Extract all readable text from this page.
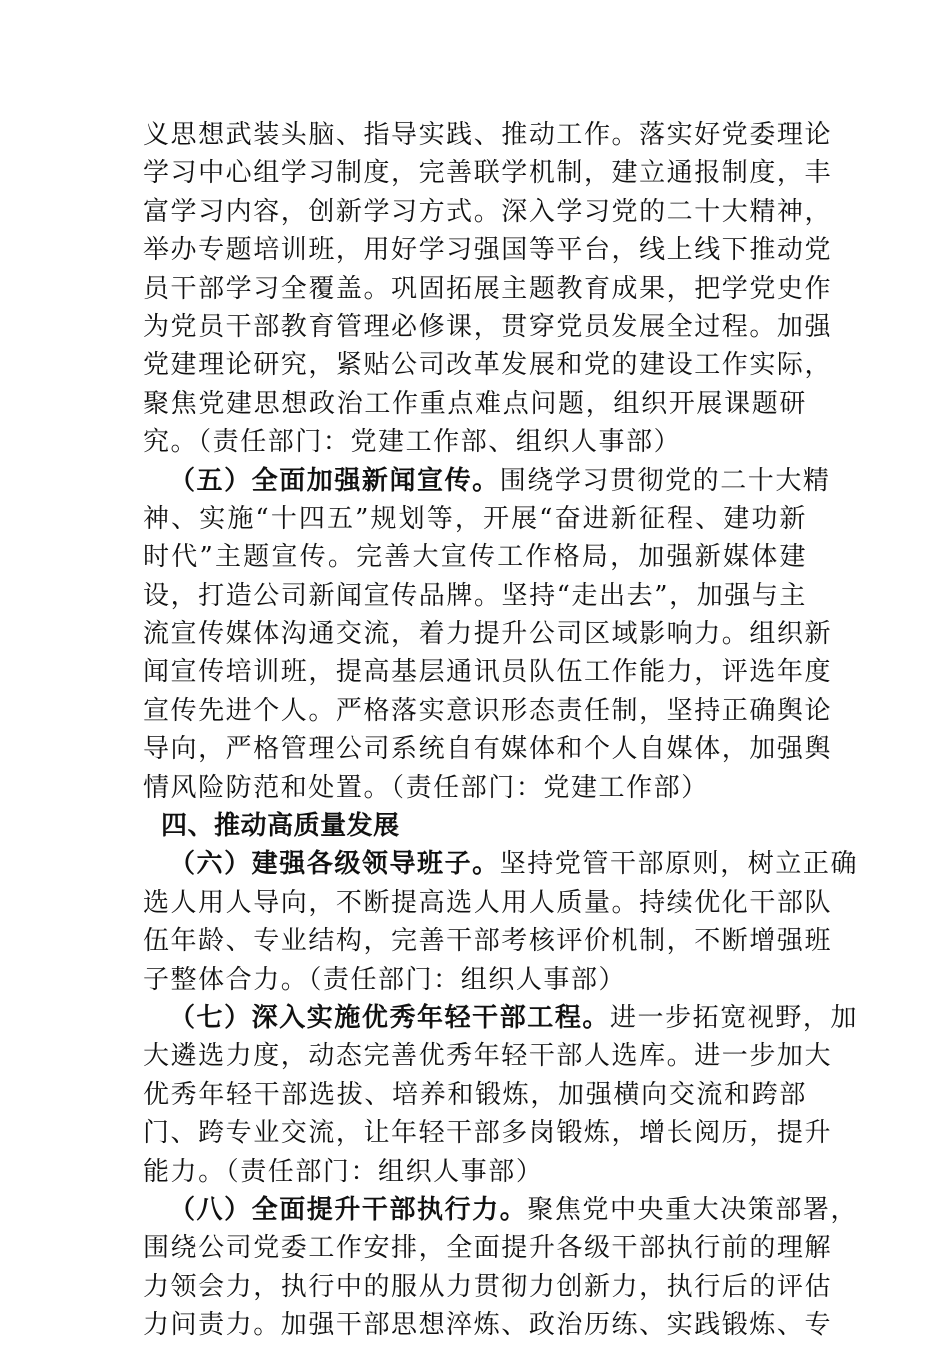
义思想武装头脑、指导实践、推动工作。落实好党委理论
学习中心组学习制度，完善联学机制，建立通报制度，丰
富学习内容，创新学习方式。深入学习党的二十大精神，
举办专题培训班，用好学习强国等平台，线上线下推动党
员干部学习全覆盖。巩固拓展主题教育成果，把学党史作
为党员干部教育管理必修课，贯穿党员发展全过程。加强
党建理论研究，紧贴公司改革发展和党的建设工作实际，
聚焦党建思想政治工作重点难点问题，组织开展课题研
究。（责任部门：党建工作部、组织人事部）
（五）全面加强新闻宣传。围绕学习贯彻党的二十大精
神、实施“十四五”规划等，开展“奋进新征程、建功新
时代”主题宣传。完善大宣传工作格局，加强新媒体建
设，打造公司新闻宣传品牌。坚持“走出去”，加强与主
流宣传媒体沟通交流，着力提升公司区域影响力。组织新
闻宣传培训班，提高基层通讯员队伍工作能力，评选年度
宣传先进个人。严格落实意识形态责任制，坚持正确舆论
导向，严格管理公司系统自有媒体和个人自媒体，加强舆
情风险防范和处置。（责任部门：党建工作部）
四、推动高质量发展
（六）建强各级领导班子。坚持党管干部原则，树立正确
选人用人导向，不断提高选人用人质量。持续优化干部队
伍年龄、专业结构，完善干部考核评价机制，不断增强班
子整体合力。（责任部门：组织人事部）
（七）深入实施优秀年轻干部工程。进一步拓宽视野，加
大遴选力度，动态完善优秀年轻干部人选库。进一步加大
优秀年轻干部选拔、培养和锻炼，加强横向交流和跨部
门、跨专业交流，让年轻干部多岗锻炼，增长阅历，提升
能力。（责任部门：组织人事部）
（八）全面提升干部执行力。聚焦党中央重大决策部署，
围绕公司党委工作安排，全面提升各级干部执行前的理解
力领会力，执行中的服从力贯彻力创新力，执行后的评估
力问责力。加强干部思想淬炼、政治历练、实践锻炼、专
